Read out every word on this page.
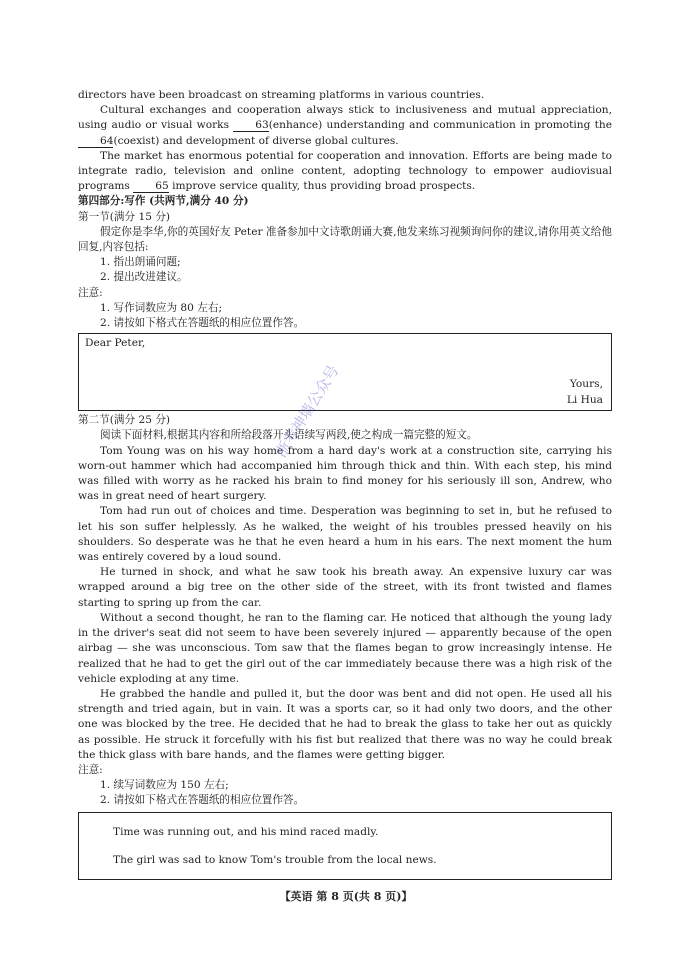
directors have been broadcast on streaming platforms in various countries.

Cultural exchanges and cooperation always stick to inclusiveness and mutual appreciation, using audio or visual works 63(enhance) understanding and communication in promoting the 64(coexist) and development of diverse global cultures.

The market has enormous potential for cooperation and innovation. Efforts are being made to integrate radio, television and online content, adopting technology to empower audiovisual programs 65 improve service quality, thus providing broad prospects.

第四部分:写作 (共两节,满分 40 分)

第一节(满分 15 分)

假定你是李华,你的英国好友 Peter 准备参加中文诗歌朗诵大赛,他发来练习视频询问你的建议,请你用英文给他回复,内容包括:

1. 指出朗诵问题;

2. 提出改进建议。

注意:

1. 写作词数应为 80 左右;

2. 请按如下格式在答题纸的相应位置作答。

Dear Peter,
Yours,
Li Hua

第二节(满分 25 分)

阅读下面材料,根据其内容和所给段落开头语续写两段,使之构成一篇完整的短文。

Tom Young was on his way home from a hard day's work at a construction site, carrying his worn-out hammer which had accompanied him through thick and thin. With each step, his mind was filled with worry as he racked his brain to find money for his seriously ill son, Andrew, who was in great need of heart surgery.

Tom had run out of choices and time. Desperation was beginning to set in, but he refused to let his son suffer helplessly. As he walked, the weight of his troubles pressed heavily on his shoulders. So desperate was he that he even heard a hum in his ears. The next moment the hum was entirely covered by a loud sound.

He turned in shock, and what he saw took his breath away. An expensive luxury car was wrapped around a big tree on the other side of the street, with its front twisted and flames starting to spring up from the car.

Without a second thought, he ran to the flaming car. He noticed that although the young lady in the driver's seat did not seem to have been severely injured — apparently because of the open airbag — she was unconscious. Tom saw that the flames began to grow increasingly intense. He realized that he had to get the girl out of the car immediately because there was a high risk of the vehicle exploding at any time.

He grabbed the handle and pulled it, but the door was bent and did not open. He used all his strength and tried again, but in vain. It was a sports car, so it had only two doors, and the other one was blocked by the tree. He decided that he had to break the glass to take her out as quickly as possible. He struck it forcefully with his fist but realized that there was no way he could break the thick glass with bare hands, and the flames were getting bigger.

注意:

1. 续写词数应为 150 左右;

2. 请按如下格式在答题纸的相应位置作答。

Time was running out, and his mind raced madly.
The girl was sad to know Tom's trouble from the local news.
【英语 第 8 页(共 8 页)】
浙考神墙公众号
